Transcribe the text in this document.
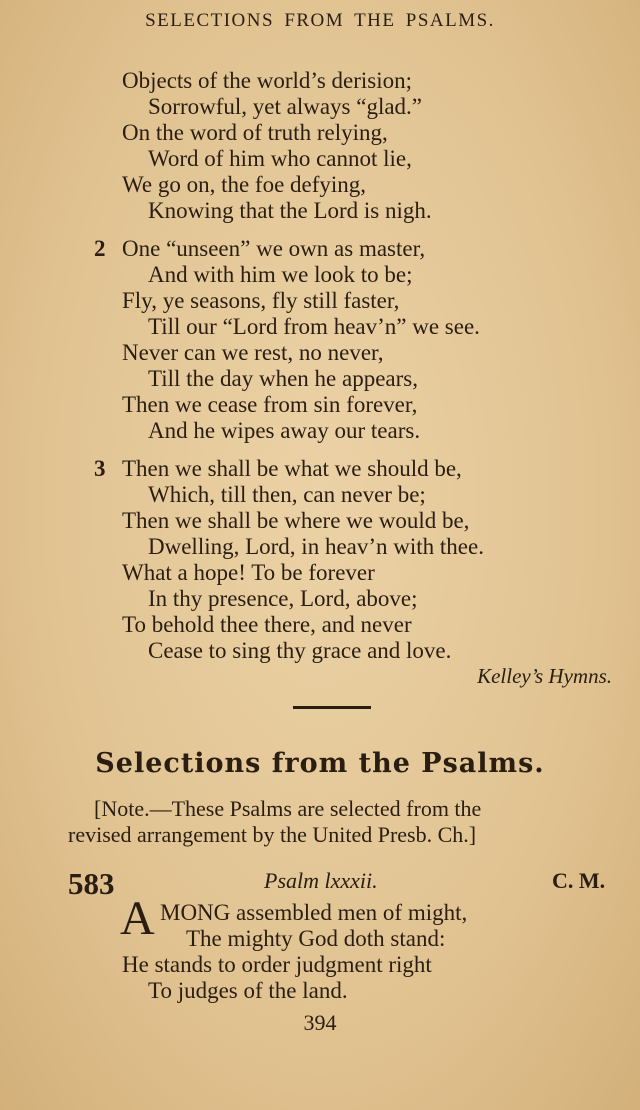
SELECTIONS FROM THE PSALMS.
Objects of the world’s derision;
Sorrowful, yet always “glad.”
On the word of truth relying,
Word of him who cannot lie,
We go on, the foe defying,
Knowing that the Lord is nigh.
2 One “unseen” we own as master,
And with him we look to be;
Fly, ye seasons, fly still faster,
Till our “Lord from heav’n” we see.
Never can we rest, no never,
Till the day when he appears,
Then we cease from sin forever,
And he wipes away our tears.
3 Then we shall be what we should be,
Which, till then, can never be;
Then we shall be where we would be,
Dwelling, Lord, in heav’n with thee.
What a hope! To be forever
In thy presence, Lord, above;
To behold thee there, and never
Cease to sing thy grace and love.
Kelley’s Hymns.
Selections from the Psalms.
[Note.—These Psalms are selected from the
revised arrangement by the United Presb. Ch.]
583	Psalm lxxxii.	C. M.
A MONG assembled men of might,
The mighty God doth stand:
He stands to order judgment right
To judges of the land.
394
